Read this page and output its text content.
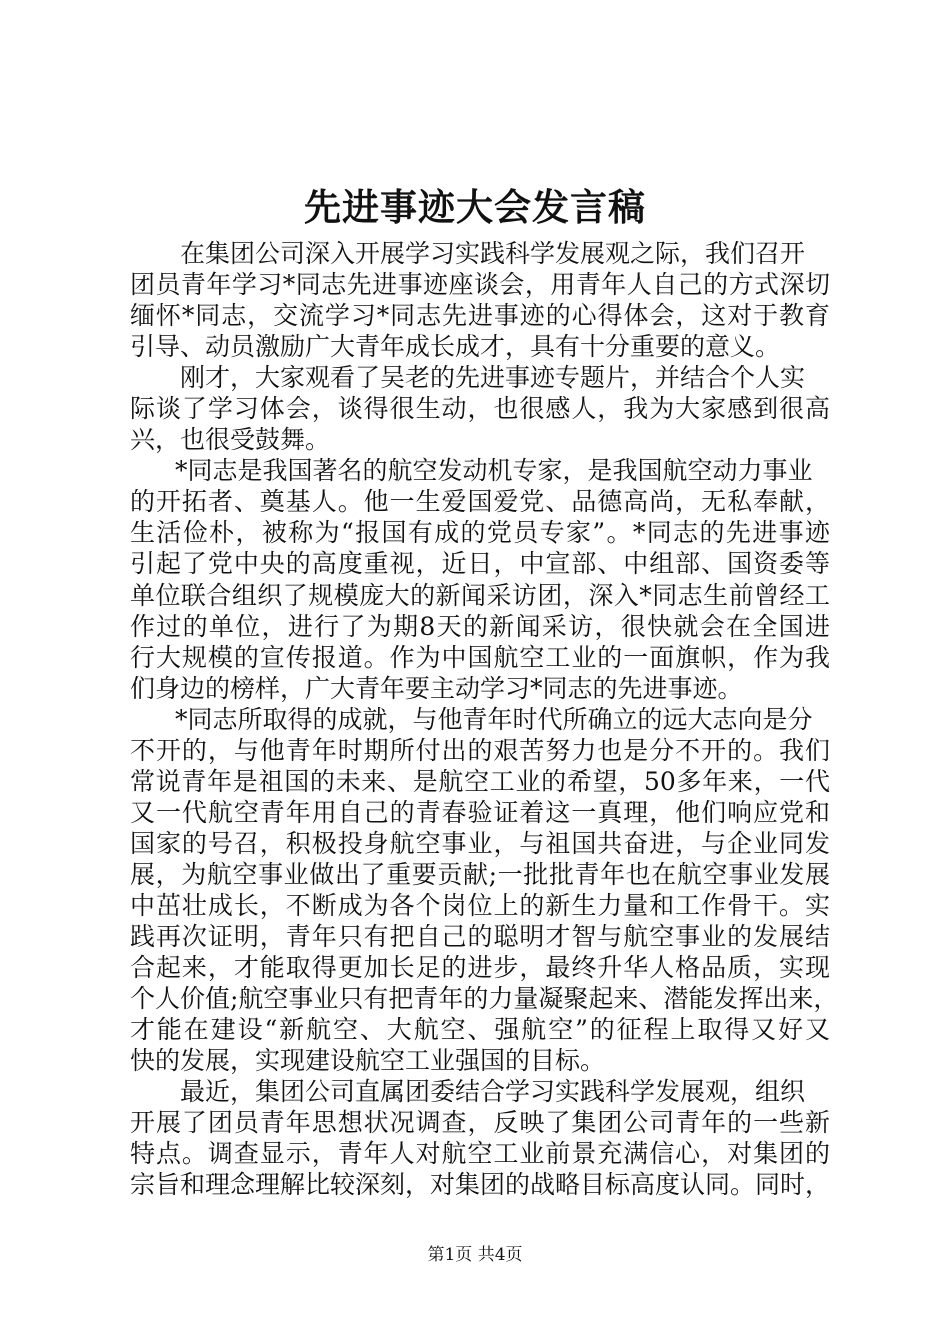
先进事迹大会发言稿
在集团公司深入开展学习实践科学发展观之际，我们召开
团员青年学习*同志先进事迹座谈会，用青年人自己的方式深切
缅怀*同志，交流学习*同志先进事迹的心得体会，这对于教育
引导、动员激励广大青年成长成才，具有十分重要的意义。
刚才，大家观看了吴老的先进事迹专题片，并结合个人实
际谈了学习体会，谈得很生动，也很感人，我为大家感到很高
兴，也很受鼓舞。
*同志是我国著名的航空发动机专家，是我国航空动力事业
的开拓者、奠基人。他一生爱国爱党、品德高尚，无私奉献，
生活俭朴，被称为“报国有成的党员专家”。*同志的先进事迹
引起了党中央的高度重视，近日，中宣部、中组部、国资委等
单位联合组织了规模庞大的新闻采访团，深入*同志生前曾经工
作过的单位，进行了为期8天的新闻采访，很快就会在全国进
行大规模的宣传报道。作为中国航空工业的一面旗帜，作为我
们身边的榜样，广大青年要主动学习*同志的先进事迹。
*同志所取得的成就，与他青年时代所确立的远大志向是分
不开的，与他青年时期所付出的艰苦努力也是分不开的。我们
常说青年是祖国的未来、是航空工业的希望，50多年来，一代
又一代航空青年用自己的青春验证着这一真理，他们响应党和
国家的号召，积极投身航空事业，与祖国共奋进，与企业同发
展，为航空事业做出了重要贡献;一批批青年也在航空事业发展
中茁壮成长，不断成为各个岗位上的新生力量和工作骨干。实
践再次证明，青年只有把自己的聪明才智与航空事业的发展结
合起来，才能取得更加长足的进步，最终升华人格品质，实现
个人价值;航空事业只有把青年的力量凝聚起来、潜能发挥出来，
才能在建设“新航空、大航空、强航空”的征程上取得又好又
快的发展，实现建设航空工业强国的目标。
最近，集团公司直属团委结合学习实践科学发展观，组织
开展了团员青年思想状况调查，反映了集团公司青年的一些新
特点。调查显示，青年人对航空工业前景充满信心，对集团的
宗旨和理念理解比较深刻，对集团的战略目标高度认同。同时，
第1页 共4页
